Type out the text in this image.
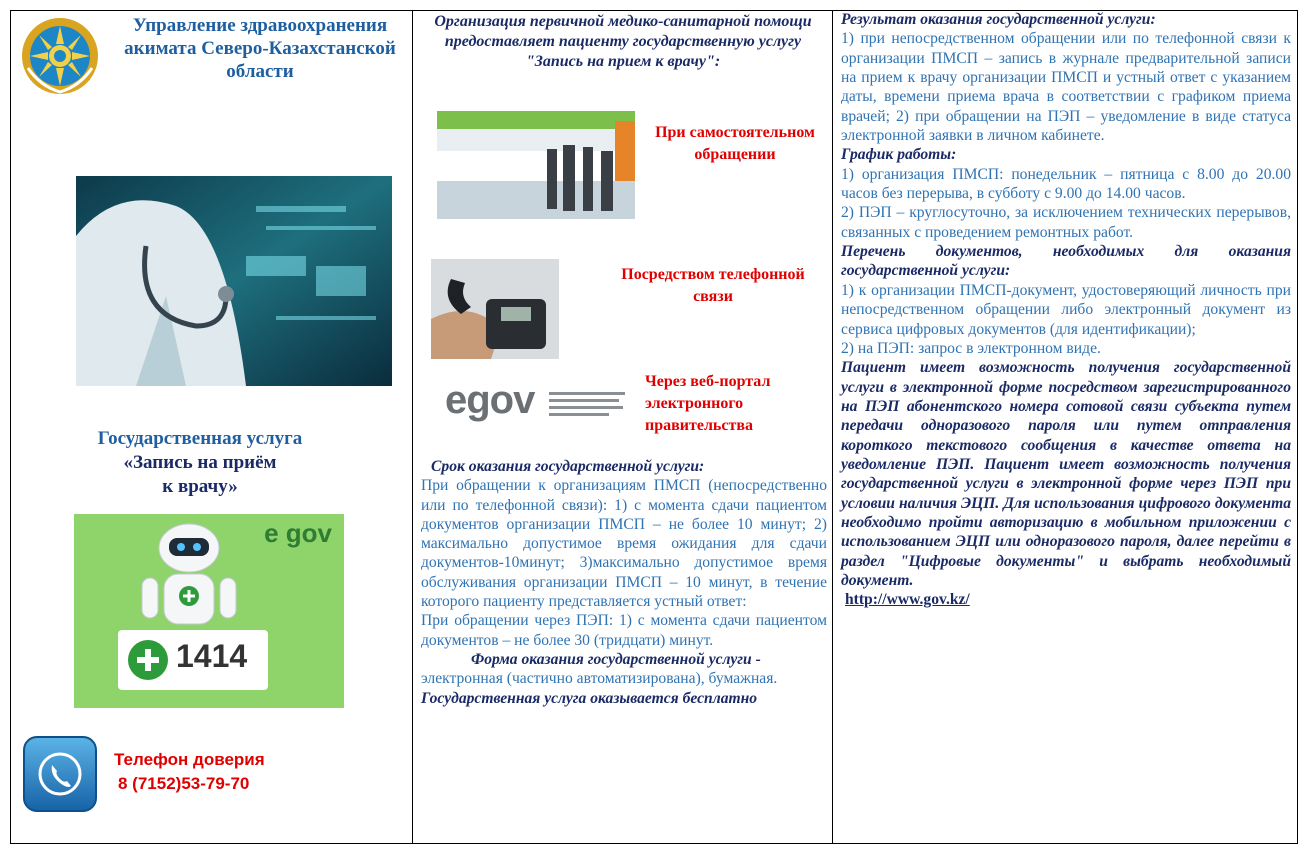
Управление здравоохранения акимата Северо-Казахстанской области
Государственная услуга
«Запись на приём
к врачу»
e gov
1414
Телефон доверия
8 (7152)53-79-70
Организация первичной медико-санитарной помощи предоставляет пациенту государственную услугу "Запись на прием к врачу":
При самостоятельном обращении
Посредством телефонной связи
egov	Через веб-портал электронного правительства

Срок оказания государственной услуги:

При обращении к организациям ПМСП (непосредственно или по телефонной связи): 1) с момента сдачи пациентом документов организации ПМСП – не более 10 минут; 2) максимально допустимое время ожидания для сдачи документов-10минут; 3)максимально допустимое время обслуживания организации ПМСП – 10 минут, в течение которого пациенту представляется устный ответ:

При обращении через ПЭП: 1) с момента сдачи пациентом документов – не более 30 (тридцати) минут.

Форма оказания государственной услуги -

электронная (частично автоматизирована), бумажная.

Государственная услуга оказывается бесплатно

Результат оказания государственной услуги:

1) при непосредственном обращении или по телефонной связи к организации ПМСП – запись в журнале предварительной записи на прием к врачу организации ПМСП и устный ответ с указанием даты, времени приема врача в соответствии с графиком приема врачей; 2) при обращении на ПЭП – уведомление в виде статуса электронной заявки в личном кабинете.

График работы:

1) организация ПМСП: понедельник – пятница с 8.00 до 20.00 часов без перерыва, в субботу с 9.00 до 14.00 часов.

2) ПЭП – круглосуточно, за исключением технических перерывов, связанных с проведением ремонтных работ.

Перечень документов, необходимых для оказания государственной услуги:

1) к организации ПМСП-документ, удостоверяющий личность при непосредственном обращении либо электронный документ из сервиса цифровых документов (для идентификации);

2) на ПЭП: запрос в электронном виде.

Пациент имеет возможность получения государственной услуги в электронной форме посредством зарегистрированного на ПЭП абонентского номера сотовой связи субъекта путем передачи одноразового пароля или путем отправления короткого текстового сообщения в качестве ответа на уведомление ПЭП. Пациент имеет возможность получения государственной услуги в электронной форме через ПЭП при условии наличия ЭЦП. Для использования цифрового документа необходимо пройти авторизацию в мобильном приложении с использованием ЭЦП или одноразового пароля, далее перейти в раздел "Цифровые документы" и выбрать необходимый документ.

http://www.gov.kz/
